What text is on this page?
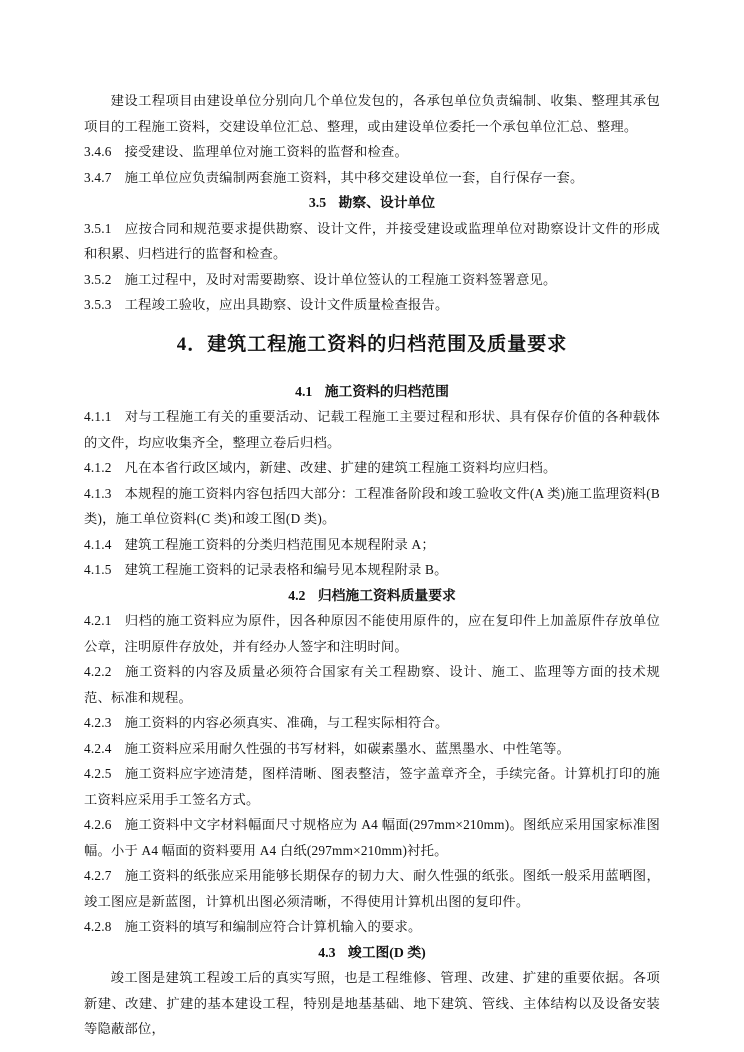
建设工程项目由建设单位分别向几个单位发包的，各承包单位负责编制、收集、整理其承包项目的工程施工资料，交建设单位汇总、整理，或由建设单位委托一个承包单位汇总、整理。

3.4.6 接受建设、监理单位对施工资料的监督和检查。

3.4.7 施工单位应负责编制两套施工资料，其中移交建设单位一套，自行保存一套。

3.5 勘察、设计单位

3.5.1 应按合同和规范要求提供勘察、设计文件，并接受建设或监理单位对勘察设计文件的形成和积累、归档进行的监督和检查。

3.5.2 施工过程中，及时对需要勘察、设计单位签认的工程施工资料签署意见。

3.5.3 工程竣工验收，应出具勘察、设计文件质量检查报告。

4．建筑工程施工资料的归档范围及质量要求
4.1 施工资料的归档范围

4.1.1 对与工程施工有关的重要活动、记载工程施工主要过程和形状、具有保存价值的各种载体的文件，均应收集齐全，整理立卷后归档。

4.1.2 凡在本省行政区域内，新建、改建、扩建的建筑工程施工资料均应归档。

4.1.3 本规程的施工资料内容包括四大部分：工程准备阶段和竣工验收文件(A 类)施工监理资料(B 类)，施工单位资料(C 类)和竣工图(D 类)。

4.1.4 建筑工程施工资料的分类归档范围见本规程附录 A；

4.1.5 建筑工程施工资料的记录表格和编号见本规程附录 B。

4.2 归档施工资料质量要求

4.2.1 归档的施工资料应为原件，因各种原因不能使用原件的，应在复印件上加盖原件存放单位公章，注明原件存放处，并有经办人签字和注明时间。

4.2.2 施工资料的内容及质量必须符合国家有关工程勘察、设计、施工、监理等方面的技术规范、标准和规程。

4.2.3 施工资料的内容必须真实、准确，与工程实际相符合。

4.2.4 施工资料应采用耐久性强的书写材料，如碳素墨水、蓝黑墨水、中性笔等。

4.2.5 施工资料应字迹清楚，图样清晰、图表整洁，签字盖章齐全，手续完备。计算机打印的施工资料应采用手工签名方式。

4.2.6 施工资料中文字材料幅面尺寸规格应为 A4 幅面(297mm×210mm)。图纸应采用国家标准图幅。小于 A4 幅面的资料要用 A4 白纸(297mm×210mm)衬托。

4.2.7 施工资料的纸张应采用能够长期保存的韧力大、耐久性强的纸张。图纸一般采用蓝晒图，竣工图应是新蓝图，计算机出图必须清晰，不得使用计算机出图的复印件。

4.2.8 施工资料的填写和编制应符合计算机输入的要求。

4.3 竣工图(D 类)

竣工图是建筑工程竣工后的真实写照，也是工程维修、管理、改建、扩建的重要依据。各项新建、改建、扩建的基本建设工程，特别是地基基础、地下建筑、管线、主体结构以及设备安装等隐蔽部位，
